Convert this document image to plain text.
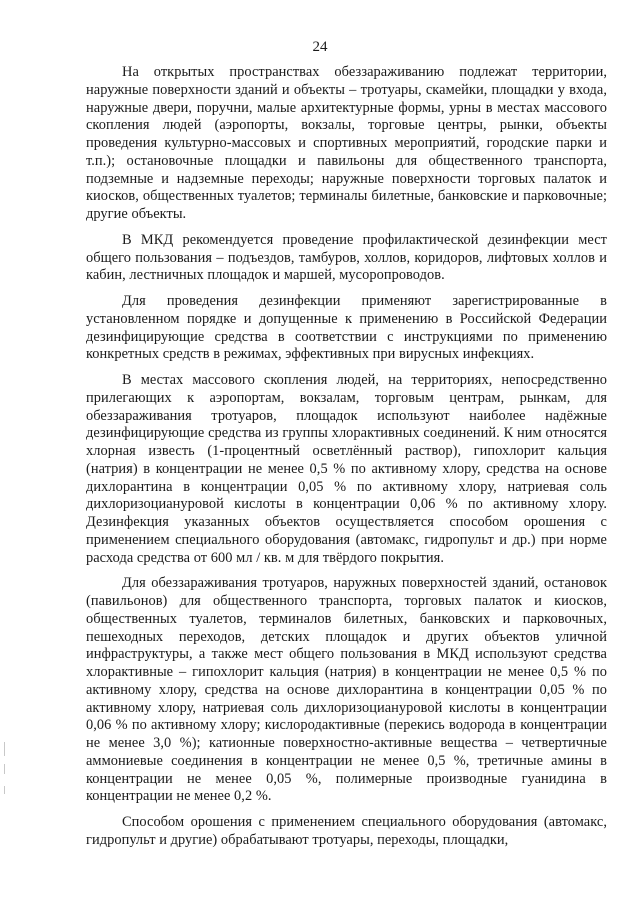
24

На открытых пространствах обеззараживанию подлежат территории, наружные поверхности зданий и объекты – тротуары, скамейки, площадки у входа, наружные двери, поручни, малые архитектурные формы, урны в местах массового скопления людей (аэропорты, вокзалы, торговые центры, рынки, объекты проведения культурно-массовых и спортивных мероприятий, городские парки и т.п.); остановочные площадки и павильоны для общественного транспорта, подземные и надземные переходы; наружные поверхности торговых палаток и киосков, общественных туалетов; терминалы билетные, банковские и парковочные; другие объекты.

В МКД рекомендуется проведение профилактической дезинфекции мест общего пользования – подъездов, тамбуров, холлов, коридоров, лифтовых холлов и кабин, лестничных площадок и маршей, мусоропроводов.

Для проведения дезинфекции применяют зарегистрированные в установленном порядке и допущенные к применению в Российской Федерации дезинфицирующие средства в соответствии с инструкциями по применению конкретных средств в режимах, эффективных при вирусных инфекциях.

В местах массового скопления людей, на территориях, непосредственно прилегающих к аэропортам, вокзалам, торговым центрам, рынкам, для обеззараживания тротуаров, площадок используют наиболее надёжные дезинфицирующие средства из группы хлорактивных соединений. К ним относятся хлорная известь (1-процентный осветлённый раствор), гипохлорит кальция (натрия) в концентрации не менее 0,5 % по активному хлору, средства на основе дихлорантина в концентрации 0,05 % по активному хлору, натриевая соль дихлоризоциануровой кислоты в концентрации 0,06 % по активному хлору. Дезинфекция указанных объектов осуществляется способом орошения с применением специального оборудования (автомакс, гидропульт и др.) при норме расхода средства от 600 мл / кв. м для твёрдого покрытия.

Для обеззараживания тротуаров, наружных поверхностей зданий, остановок (павильонов) для общественного транспорта, торговых палаток и киосков, общественных туалетов, терминалов билетных, банковских и парковочных, пешеходных переходов, детских площадок и других объектов уличной инфраструктуры, а также мест общего пользования в МКД используют средства хлорактивные – гипохлорит кальция (натрия) в концентрации не менее 0,5 % по активному хлору, средства на основе дихлорантина в концентрации 0,05 % по активному хлору, натриевая соль дихлоризоциануровой кислоты в концентрации 0,06 % по активному хлору; кислородактивные (перекись водорода в концентрации не менее 3,0 %); катионные поверхностно-активные вещества – четвертичные аммониевые соединения в концентрации не менее 0,5 %, третичные амины в концентрации не менее 0,05 %, полимерные производные гуанидина в концентрации не менее 0,2 %.

Способом орошения с применением специального оборудования (автомакс, гидропульт и другие) обрабатывают тротуары, переходы, площадки,
